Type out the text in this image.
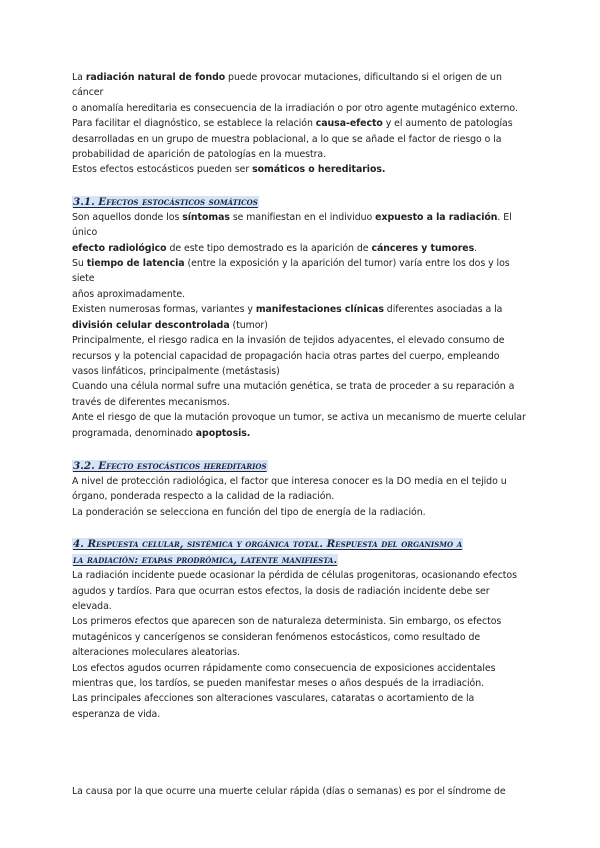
La radiación natural de fondo puede provocar mutaciones, dificultando si el origen de un cáncer

o anomalía hereditaria es consecuencia de la irradiación o por otro agente mutagénico externo.

Para facilitar el diagnóstico, se establece la relación causa-efecto y el aumento de patologías

desarrolladas en un grupo de muestra poblacional, a lo que se añade el factor de riesgo o la

probabilidad de aparición de patologías en la muestra.

Estos efectos estocásticos pueden ser somáticos o hereditarios.

3.1. Efectos estocásticos somáticos

Son aquellos donde los síntomas se manifiestan en el individuo expuesto a la radiación. El único

efecto radiológico de este tipo demostrado es la aparición de cánceres y tumores.

Su tiempo de latencia (entre la exposición y la aparición del tumor) varía entre los dos y los siete

años aproximadamente.

Existen numerosas formas, variantes y manifestaciones clínicas diferentes asociadas a la

división celular descontrolada (tumor)

Principalmente, el riesgo radica en la invasión de tejidos adyacentes, el elevado consumo de

recursos y la potencial capacidad de propagación hacia otras partes del cuerpo, empleando

vasos linfáticos, principalmente (metástasis)

Cuando una célula normal sufre una mutación genética, se trata de proceder a su reparación a

través de diferentes mecanismos.

Ante el riesgo de que la mutación provoque un tumor, se activa un mecanismo de muerte celular

programada, denominado apoptosis.

3.2. Efecto estocásticos hereditarios

A nivel de protección radiológica, el factor que interesa conocer es la DO media en el tejido u

órgano, ponderada respecto a la calidad de la radiación.

La ponderación se selecciona en función del tipo de energía de la radiación.

4. Respuesta celular, sistémica y orgánica total. Respuesta del organismo a
la radiación: etapas prodrómica, latente manifiesta.

La radiación incidente puede ocasionar la pérdida de células progenitoras, ocasionando efectos

agudos y tardíos. Para que ocurran estos efectos, la dosis de radiación incidente debe ser

elevada.

Los primeros efectos que aparecen son de naturaleza determinista. Sin embargo, os efectos

mutagénicos y cancerígenos se consideran fenómenos estocásticos, como resultado de

alteraciones moleculares aleatorias.

Los efectos agudos ocurren rápidamente como consecuencia de exposiciones accidentales

mientras que, los tardíos, se pueden manifestar meses o años después de la irradiación.

Las principales afecciones son alteraciones vasculares, cataratas o acortamiento de la

esperanza de vida.

La causa por la que ocurre una muerte celular rápida (días o semanas) es por el síndrome de
